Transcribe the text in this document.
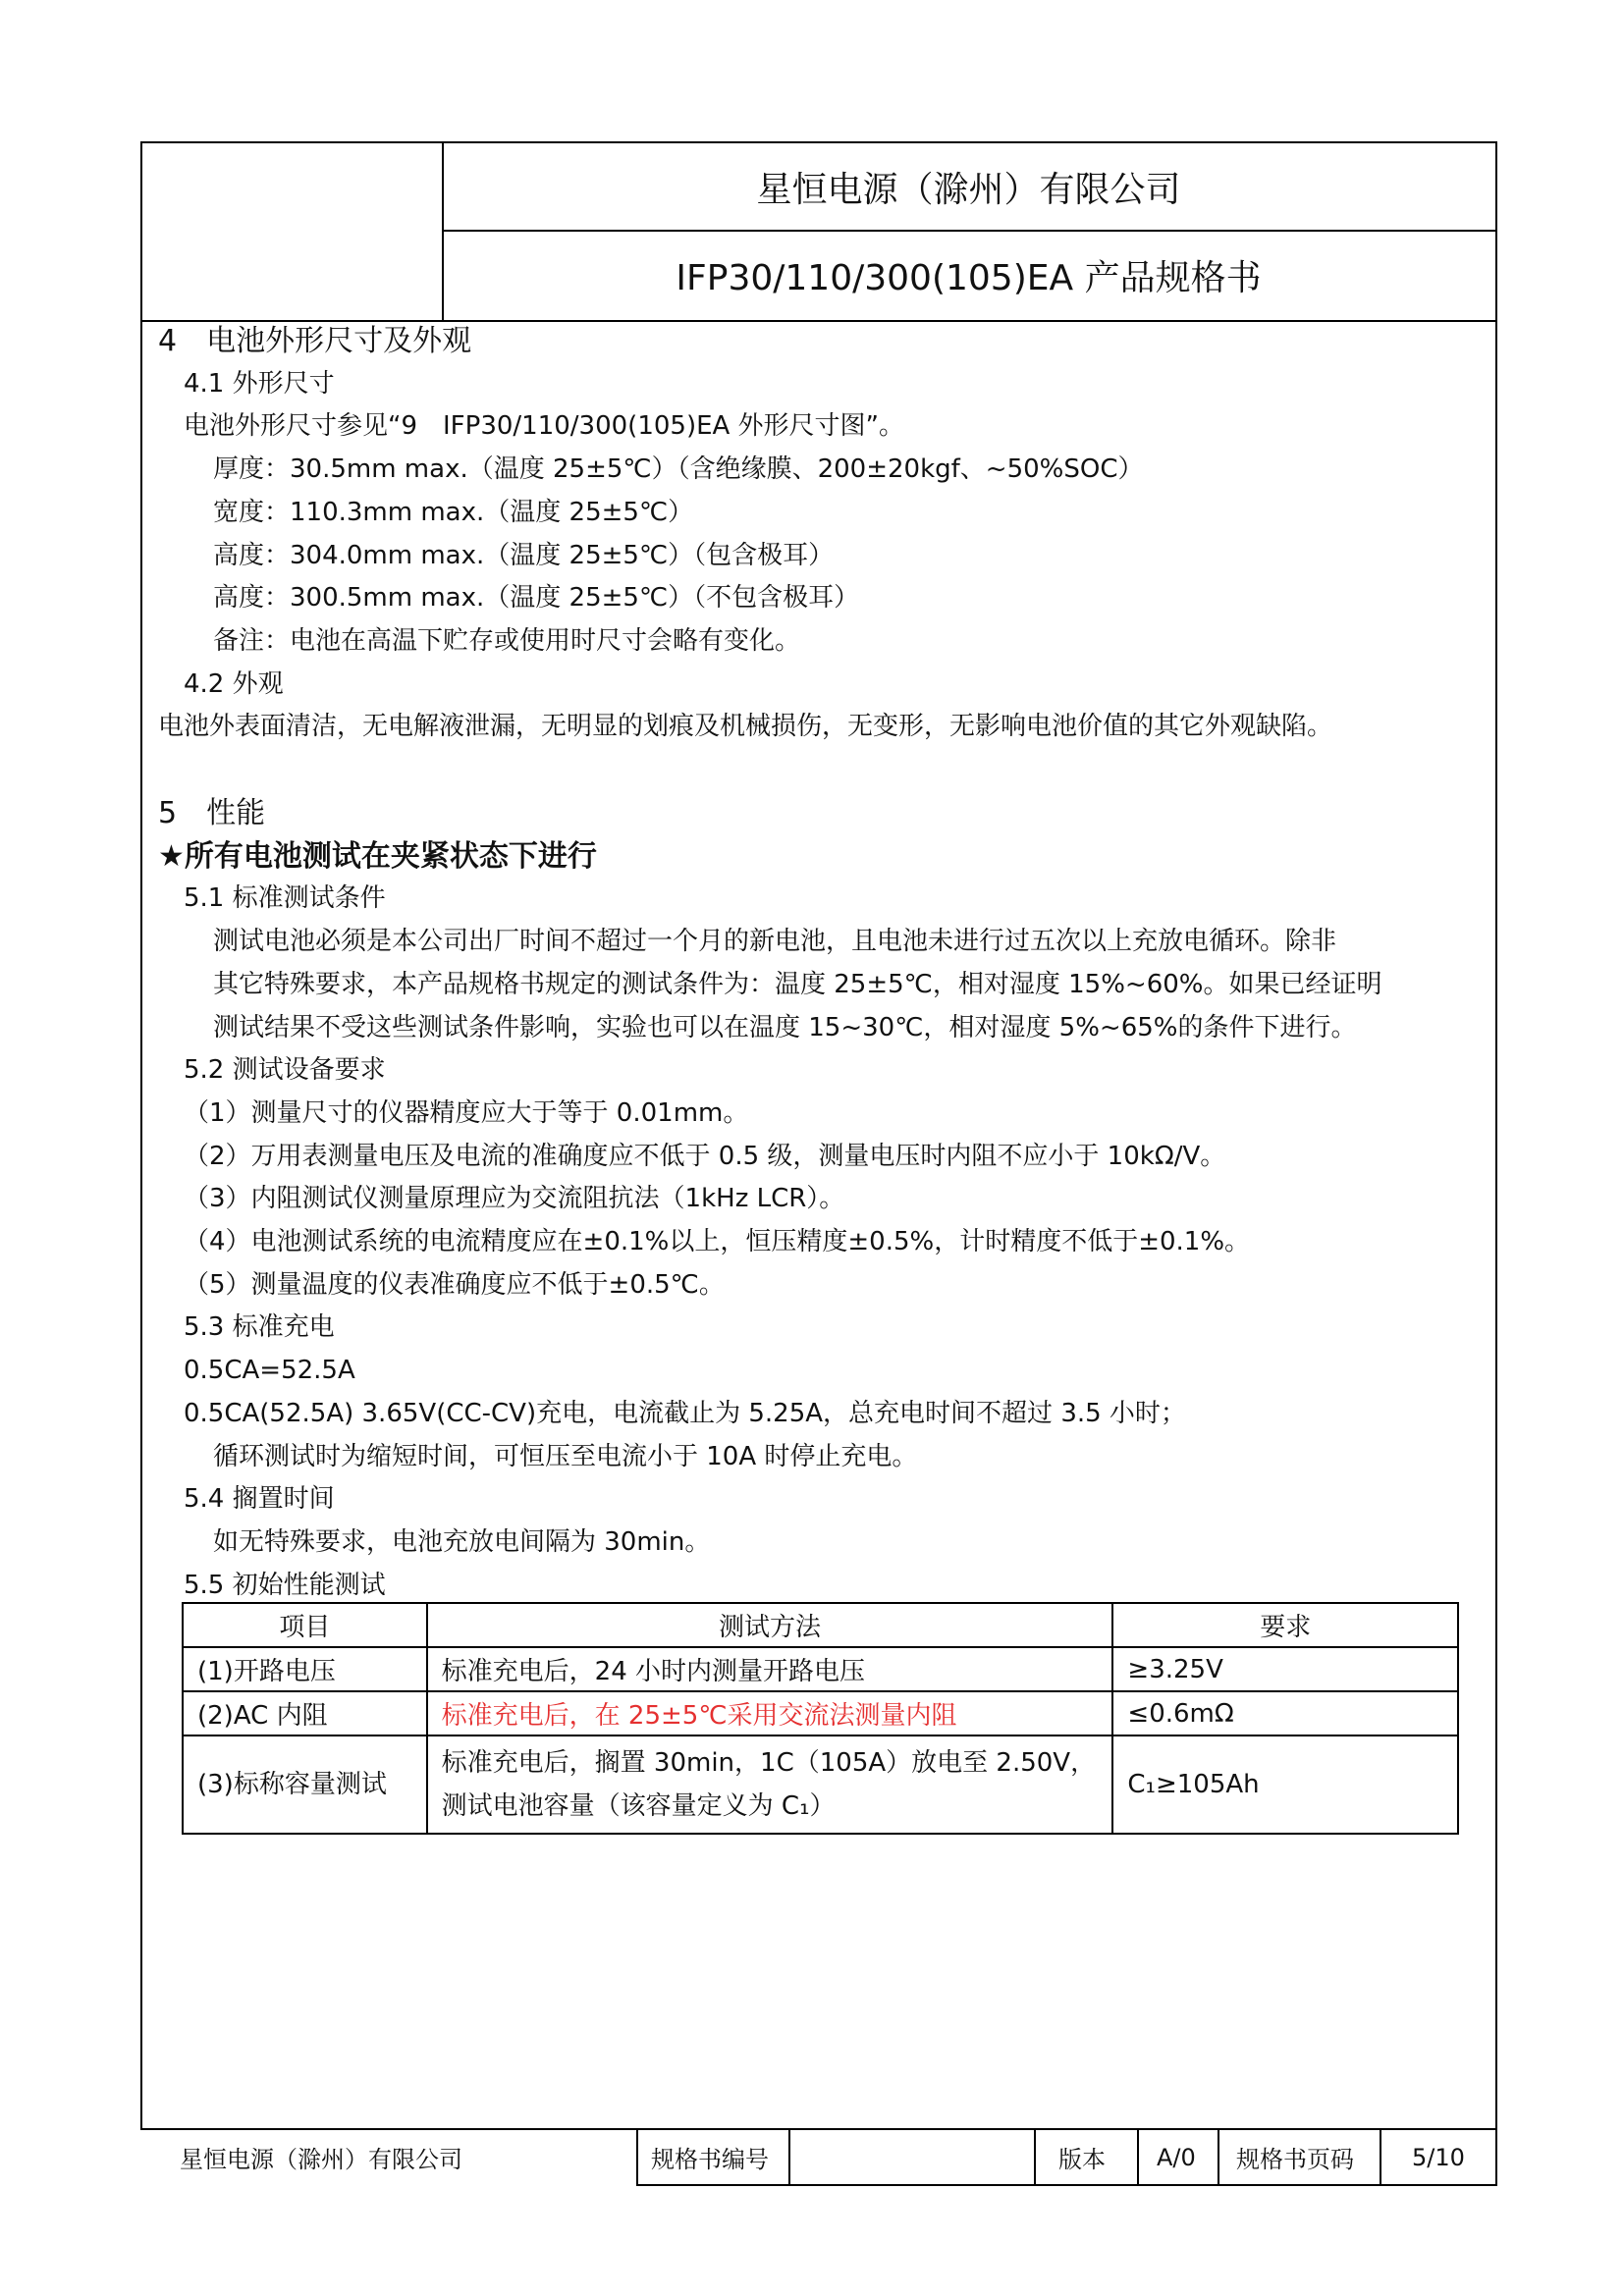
星恒电源（滁州）有限公司
IFP30/110/300(105)EA 产品规格书
4　电池外形尺寸及外观
4.1 外形尺寸
电池外形尺寸参见“9　IFP30/110/300(105)EA 外形尺寸图”。
厚度：30.5mm max.（温度 25±5℃）（含绝缘膜、200±20kgf、~50%SOC）
宽度：110.3mm max.（温度 25±5℃）
高度：304.0mm max.（温度 25±5℃）（包含极耳）
高度：300.5mm max.（温度 25±5℃）（不包含极耳）
备注：电池在高温下贮存或使用时尺寸会略有变化。
4.2 外观
电池外表面清洁，无电解液泄漏，无明显的划痕及机械损伤，无变形，无影响电池价值的其它外观缺陷。
5　性能
★所有电池测试在夹紧状态下进行
5.1 标准测试条件
测试电池必须是本公司出厂时间不超过一个月的新电池，且电池未进行过五次以上充放电循环。除非
其它特殊要求，本产品规格书规定的测试条件为：温度 25±5℃，相对湿度 15%~60%。如果已经证明
测试结果不受这些测试条件影响，实验也可以在温度 15~30℃，相对湿度 5%~65%的条件下进行。
5.2 测试设备要求
（1）测量尺寸的仪器精度应大于等于 0.01mm。
（2）万用表测量电压及电流的准确度应不低于 0.5 级，测量电压时内阻不应小于 10kΩ/V。
（3）内阻测试仪测量原理应为交流阻抗法（1kHz LCR）。
（4）电池测试系统的电流精度应在±0.1%以上，恒压精度±0.5%，计时精度不低于±0.1%。
（5）测量温度的仪表准确度应不低于±0.5℃。
5.3 标准充电
0.5CA=52.5A
0.5CA(52.5A) 3.65V(CC-CV)充电，电流截止为 5.25A，总充电时间不超过 3.5 小时；
循环测试时为缩短时间，可恒压至电流小于 10A 时停止充电。
5.4 搁置时间
如无特殊要求，电池充放电间隔为 30min。
5.5 初始性能测试
项目	测试方法	要求
(1)开路电压	标准充电后，24 小时内测量开路电压	≥3.25V
(2)AC 内阻	标准充电后，在 25±5℃采用交流法测量内阻	≤0.6mΩ
(3)标称容量测试	标准充电后，搁置 30min，1C（105A）放电至 2.50V，
测试电池容量（该容量定义为 C₁）	C₁≥105Ah
星恒电源（滁州）有限公司	规格书编号	版本 A/0 规格书页码 5/10
